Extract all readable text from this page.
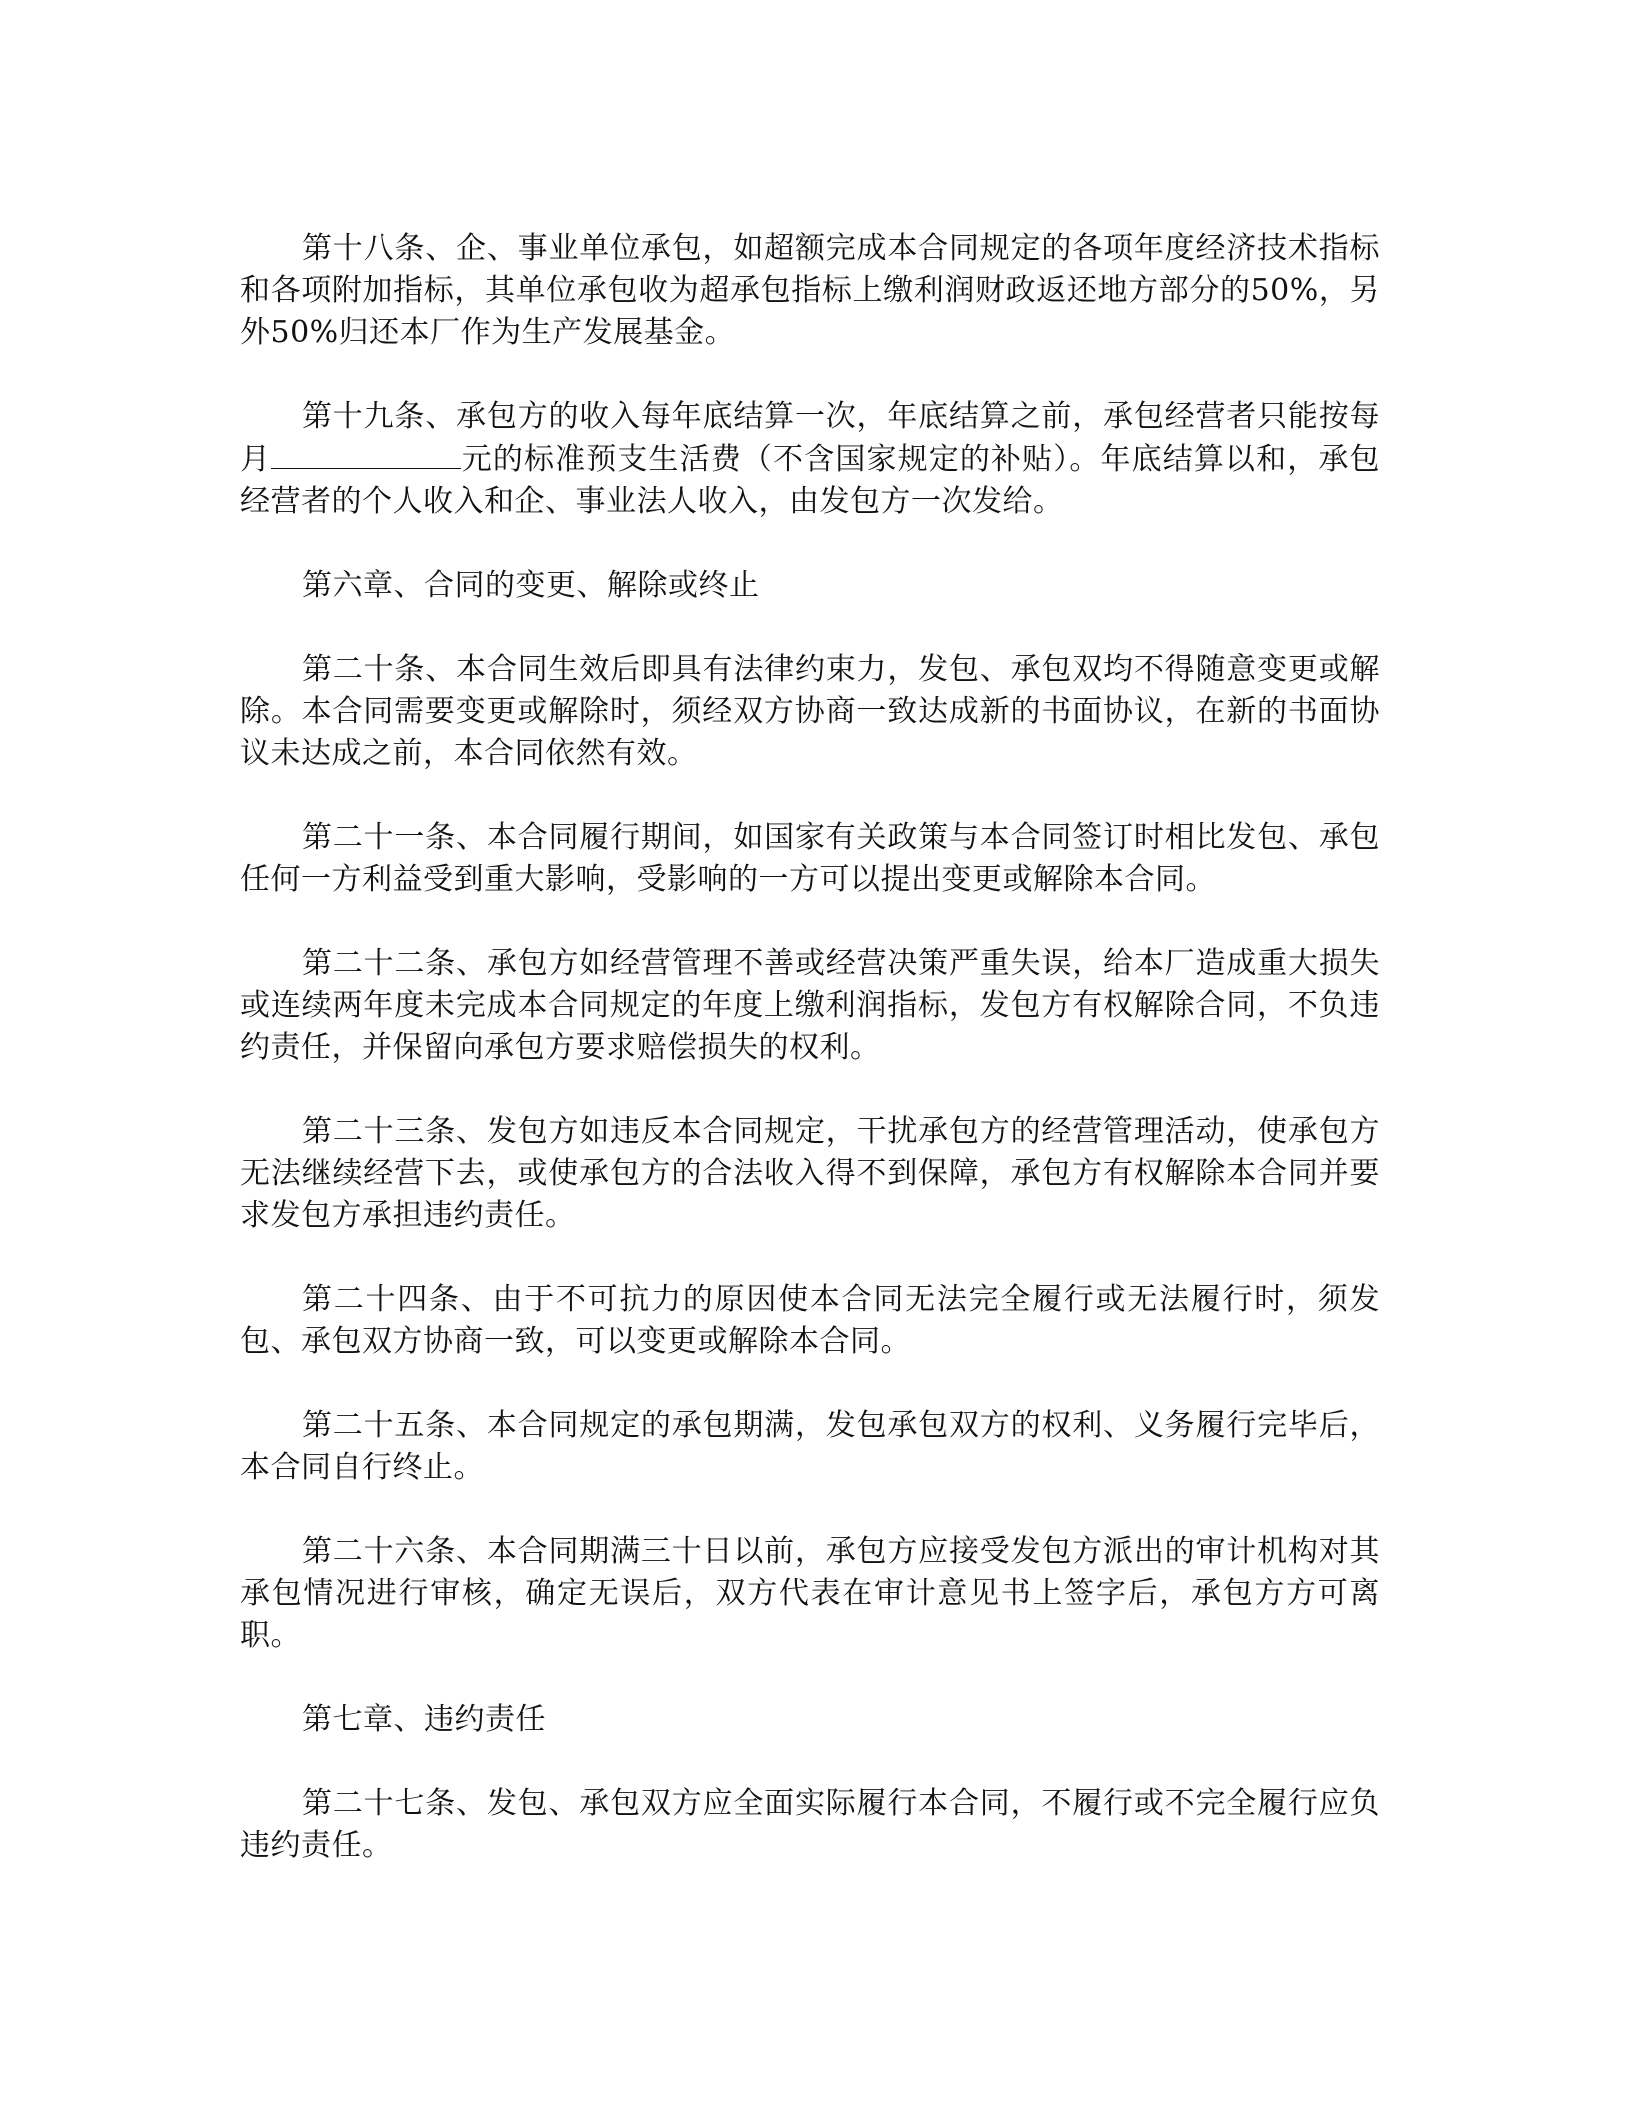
第十八条、企、事业单位承包，如超额完成本合同规定的各项年度经济技术指标和各项附加指标，其单位承包收为超承包指标上缴利润财政返还地方部分的50%，另外50%归还本厂作为生产发展基金。

第十九条、承包方的收入每年底结算一次，年底结算之前，承包经营者只能按每月	元的标准预支生活费（不含国家规定的补贴）。年底结算以和，承包经营者的个人收入和企、事业法人收入，由发包方一次发给。

第六章、合同的变更、解除或终止

第二十条、本合同生效后即具有法律约束力，发包、承包双均不得随意变更或解除。本合同需要变更或解除时，须经双方协商一致达成新的书面协议，在新的书面协议未达成之前，本合同依然有效。

第二十一条、本合同履行期间，如国家有关政策与本合同签订时相比发包、承包任何一方利益受到重大影响，受影响的一方可以提出变更或解除本合同。

第二十二条、承包方如经营管理不善或经营决策严重失误，给本厂造成重大损失或连续两年度未完成本合同规定的年度上缴利润指标，发包方有权解除合同，不负违约责任，并保留向承包方要求赔偿损失的权利。

第二十三条、发包方如违反本合同规定，干扰承包方的经营管理活动，使承包方无法继续经营下去，或使承包方的合法收入得不到保障，承包方有权解除本合同并要求发包方承担违约责任。

第二十四条、由于不可抗力的原因使本合同无法完全履行或无法履行时，须发包、承包双方协商一致，可以变更或解除本合同。

第二十五条、本合同规定的承包期满，发包承包双方的权利、义务履行完毕后，本合同自行终止。

第二十六条、本合同期满三十日以前，承包方应接受发包方派出的审计机构对其承包情况进行审核，确定无误后，双方代表在审计意见书上签字后，承包方方可离职。

第七章、违约责任

第二十七条、发包、承包双方应全面实际履行本合同，不履行或不完全履行应负违约责任。
